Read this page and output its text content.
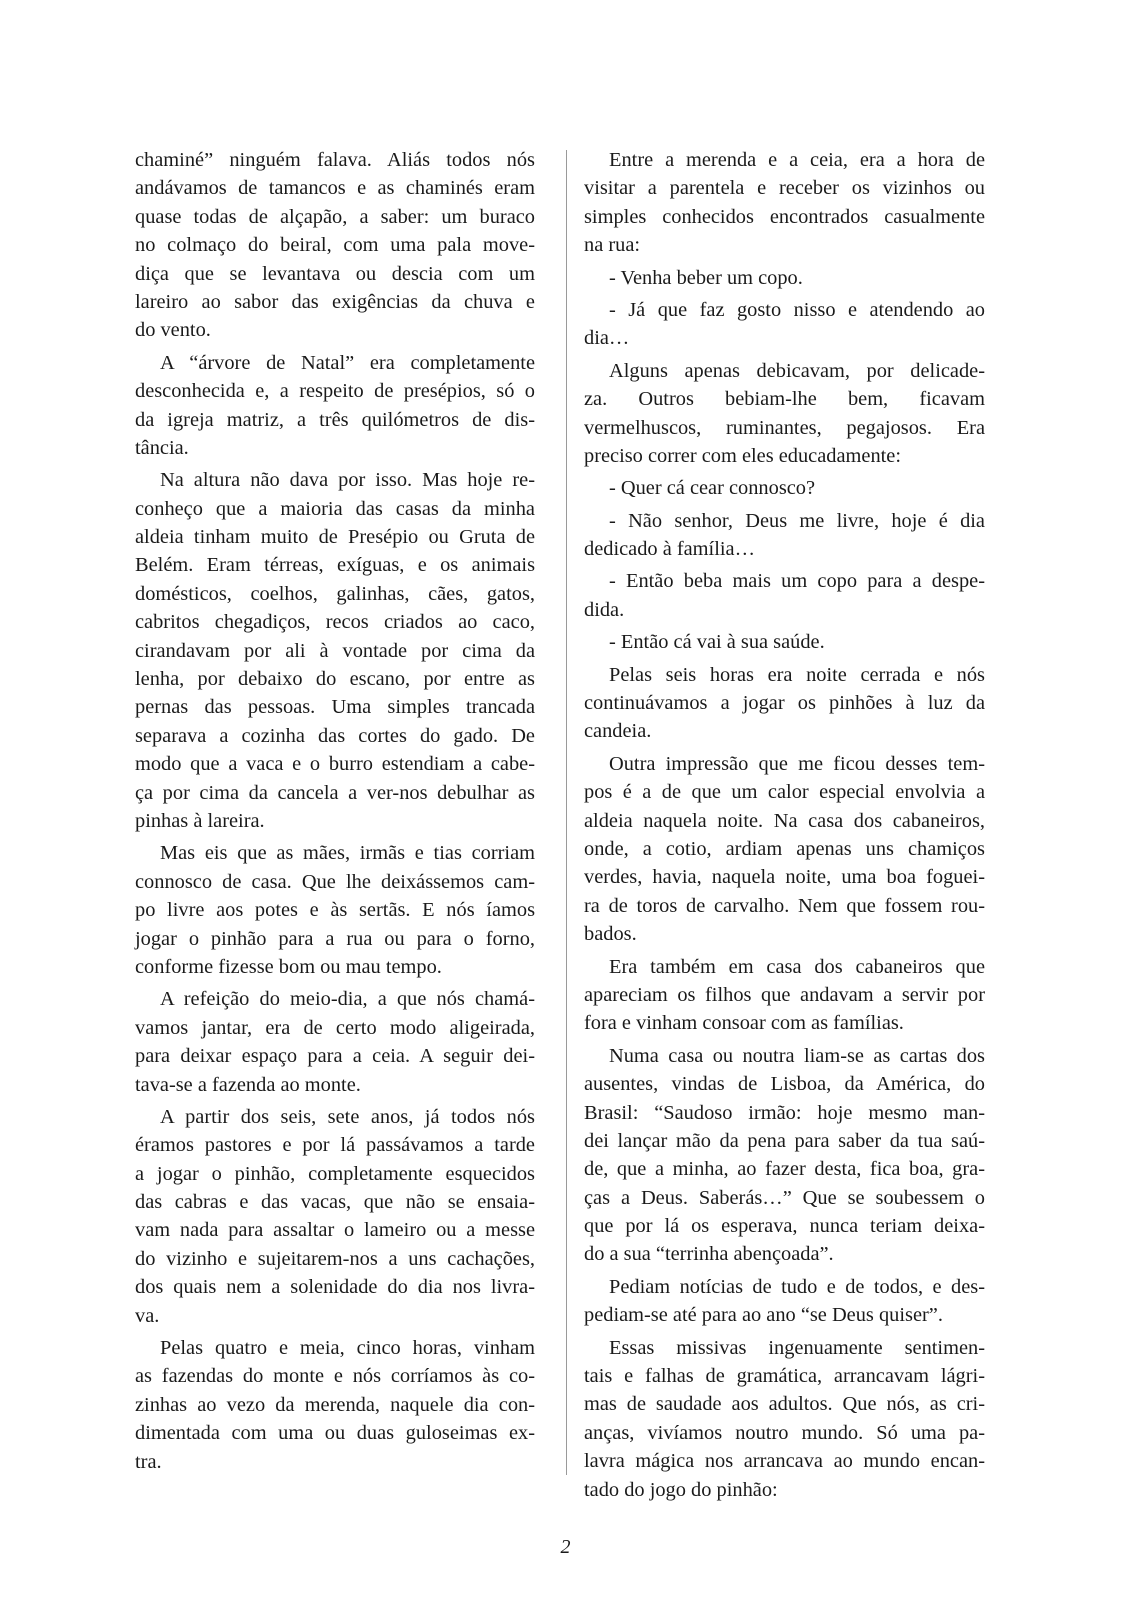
chaminé” ninguém falava. Aliás todos nós
andávamos de tamancos e as chaminés eram
quase todas de alçapão, a saber: um buraco
no colmaço do beiral, com uma pala move-
diça que se levantava ou descia com um
lareiro ao sabor das exigências da chuva e
do vento.
A “árvore de Natal” era completamente
desconhecida e, a respeito de presépios, só o
da igreja matriz, a três quilómetros de dis-
tância.
Na altura não dava por isso. Mas hoje re-
conheço que a maioria das casas da minha
aldeia tinham muito de Presépio ou Gruta de
Belém. Eram térreas, exíguas, e os animais
domésticos, coelhos, galinhas, cães, gatos,
cabritos chegadiços, recos criados ao caco,
cirandavam por ali à vontade por cima da
lenha, por debaixo do escano, por entre as
pernas das pessoas. Uma simples trancada
separava a cozinha das cortes do gado. De
modo que a vaca e o burro estendiam a cabe-
ça por cima da cancela a ver-nos debulhar as
pinhas à lareira.
Mas eis que as mães, irmãs e tias corriam
connosco de casa. Que lhe deixássemos cam-
po livre aos potes e às sertãs. E nós íamos
jogar o pinhão para a rua ou para o forno,
conforme fizesse bom ou mau tempo.
A refeição do meio-dia, a que nós chamá-
vamos jantar, era de certo modo aligeirada,
para deixar espaço para a ceia. A seguir dei-
tava-se a fazenda ao monte.
A partir dos seis, sete anos, já todos nós
éramos pastores e por lá passávamos a tarde
a jogar o pinhão, completamente esquecidos
das cabras e das vacas, que não se ensaia-
vam nada para assaltar o lameiro ou a messe
do vizinho e sujeitarem-nos a uns cachações,
dos quais nem a solenidade do dia nos livra-
va.
Pelas quatro e meia, cinco horas, vinham
as fazendas do monte e nós corríamos às co-
zinhas ao vezo da merenda, naquele dia con-
dimentada com uma ou duas guloseimas ex-
tra.
Entre a merenda e a ceia, era a hora de
visitar a parentela e receber os vizinhos ou
simples conhecidos encontrados casualmente
na rua:
- Venha beber um copo.
- Já que faz gosto nisso e atendendo ao
dia…
Alguns apenas debicavam, por delicade-
za. Outros bebiam-lhe bem, ficavam
vermelhuscos, ruminantes, pegajosos. Era
preciso correr com eles educadamente:
- Quer cá cear connosco?
- Não senhor, Deus me livre, hoje é dia
dedicado à família…
- Então beba mais um copo para a despe-
dida.
- Então cá vai à sua saúde.
Pelas seis horas era noite cerrada e nós
continuávamos a jogar os pinhões à luz da
candeia.
Outra impressão que me ficou desses tem-
pos é a de que um calor especial envolvia a
aldeia naquela noite. Na casa dos cabaneiros,
onde, a cotio, ardiam apenas uns chamiços
verdes, havia, naquela noite, uma boa foguei-
ra de toros de carvalho. Nem que fossem rou-
bados.
Era também em casa dos cabaneiros que
apareciam os filhos que andavam a servir por
fora e vinham consoar com as famílias.
Numa casa ou noutra liam-se as cartas dos
ausentes, vindas de Lisboa, da América, do
Brasil: “Saudoso irmão: hoje mesmo man-
dei lançar mão da pena para saber da tua saú-
de, que a minha, ao fazer desta, fica boa, gra-
ças a Deus. Saberás…” Que se soubessem o
que por lá os esperava, nunca teriam deixa-
do a sua “terrinha abençoada”.
Pediam notícias de tudo e de todos, e des-
pediam-se até para ao ano “se Deus quiser”.
Essas missivas ingenuamente sentimen-
tais e falhas de gramática, arrancavam lágri-
mas de saudade aos adultos. Que nós, as cri-
anças, vivíamos noutro mundo. Só uma pa-
lavra mágica nos arrancava ao mundo encan-
tado do jogo do pinhão:
2
